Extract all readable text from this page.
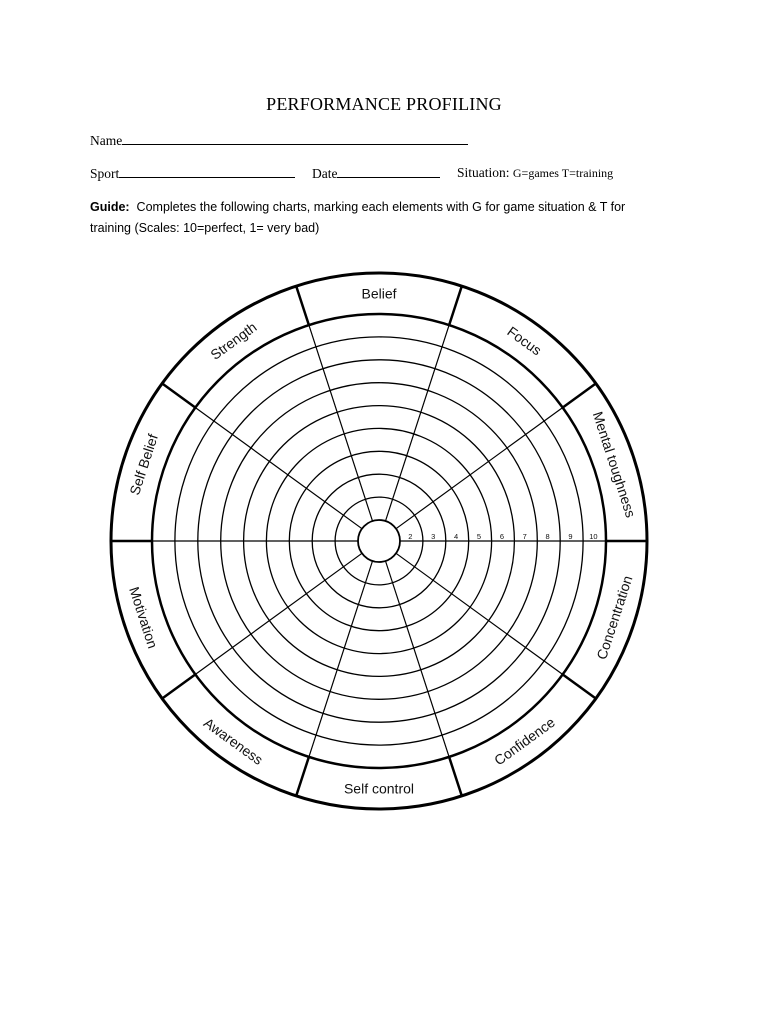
PERFORMANCE PROFILING
Name
Sport	Date	Situation: G=games T=training
Guide: Completes the following charts, marking each elements with G for game situation & T for
training (Scales: 10=perfect, 1= very bad)
Belief
Focus
Mental toughness
Concentration
Confidence
Self control
Awareness
Motivation
Self Belief
Strength
2 3 4 5 6 7 8 9 10
